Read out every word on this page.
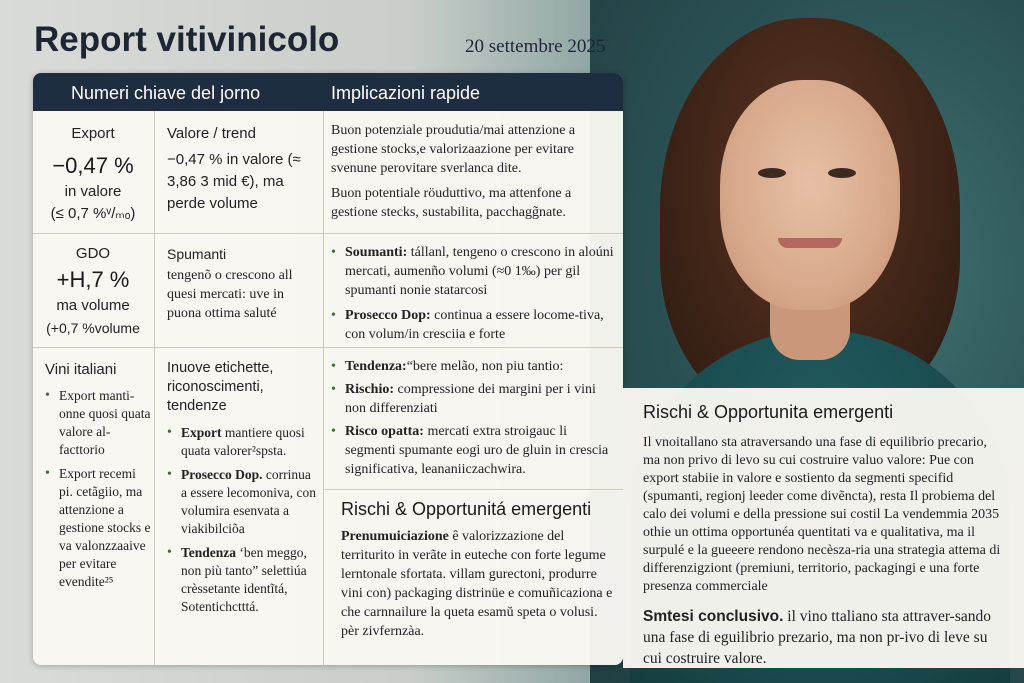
Report vitivinicolo	20 settembre 2025
Numeri chiave del jorno	Implicazioni rapide
Export
−0,47 %
in valore
(≤ 0,7 %ᵛ/ₘₒ)
Valore / trend
−0,47 % in valore (≈ 3,86 3 mid €), ma perde volume

Buon potenziale proudutia/mai attenzione a gestione stocks,e valorizaazione per evitare svenune perovitare sverlanca dite.

Buon potentiale röuduttivo, ma attenfone a gestione stecks, sustabilita, pacchagg̃nate.

GDO
+H,7 %
ma volume
(+0,7 %volume
Spumanti
tengenõ o crescono all quesi mercati: uve in puona ottima saluté
• Soumanti: tállanl, tengeno o crescono in aloúni mercati, aumenño volumi (≈0 1‰) per gil spumanti nonie statarcosi
• Prosecco Dop: continua a essere locome-tiva, con volum/in cresciia e forte
Vini italiani
• Export manti-onne quosi quata valore al-facttorio
• Export recemi pi. cetãgiio, ma attenzione a gestione stocks e va valonzzaaive per evitare evendite²⁵
Inuove etichette, riconoscimenti, tendenze
• Export mantiere quosi quata valorer²spsta.
• Prosecco Dop. corrinua a essere lecomoniva, con volumira esenvata a viakibilciõa
• Tendenza ʻben meggo, non più tanto” selettiúa crèssetante identĩtá, Sotentichctttá.
• Tendenza:“bere melão, non piu tantio:
• Rischio: compressione dei margini per i vini non differenziati
• Risco opatta: mercati extra stroigauc li segmenti spumante eogi uro de gluin in crescia significativa, leananiiczachwira.
Rischi & Opportunitá emergenti

Prenumuiciazione ê valorizzazione del territurito in verãte in euteche con forte legume lerntonale sfortata. villam gurectoni, produrre vini con) packaging distrinüe e comuñicaziona e che carnnailure la queta esamŭ speta o volusi. pèr zivfernzàa.

Rischi & Opportunita emergenti

Il vnoitallano sta atraversando una fase di equilibrio precario, ma non privo di levo su cui costruire valuo valore: Pue con export stabiie in valore e sostiento da segmenti specifid (spumanti, regionj leeder come divẽncta), resta Il probiema del calo dei volumi e della pressione sui costil La vendemmia 2035 othie un ottima opportunéa quentitati va e qualitativa, ma il surpulé e la gueeere rendono necèsza-ria una strategia attema di differenzigziont (premiuni, territorio, packagingi e una forte presenza commerciale

Smtesi conclusivo. il vino ttaliano sta attraver-sando una fase di eguilibrio prezario, ma non pr-ivo di leve su cui costruire valore.
